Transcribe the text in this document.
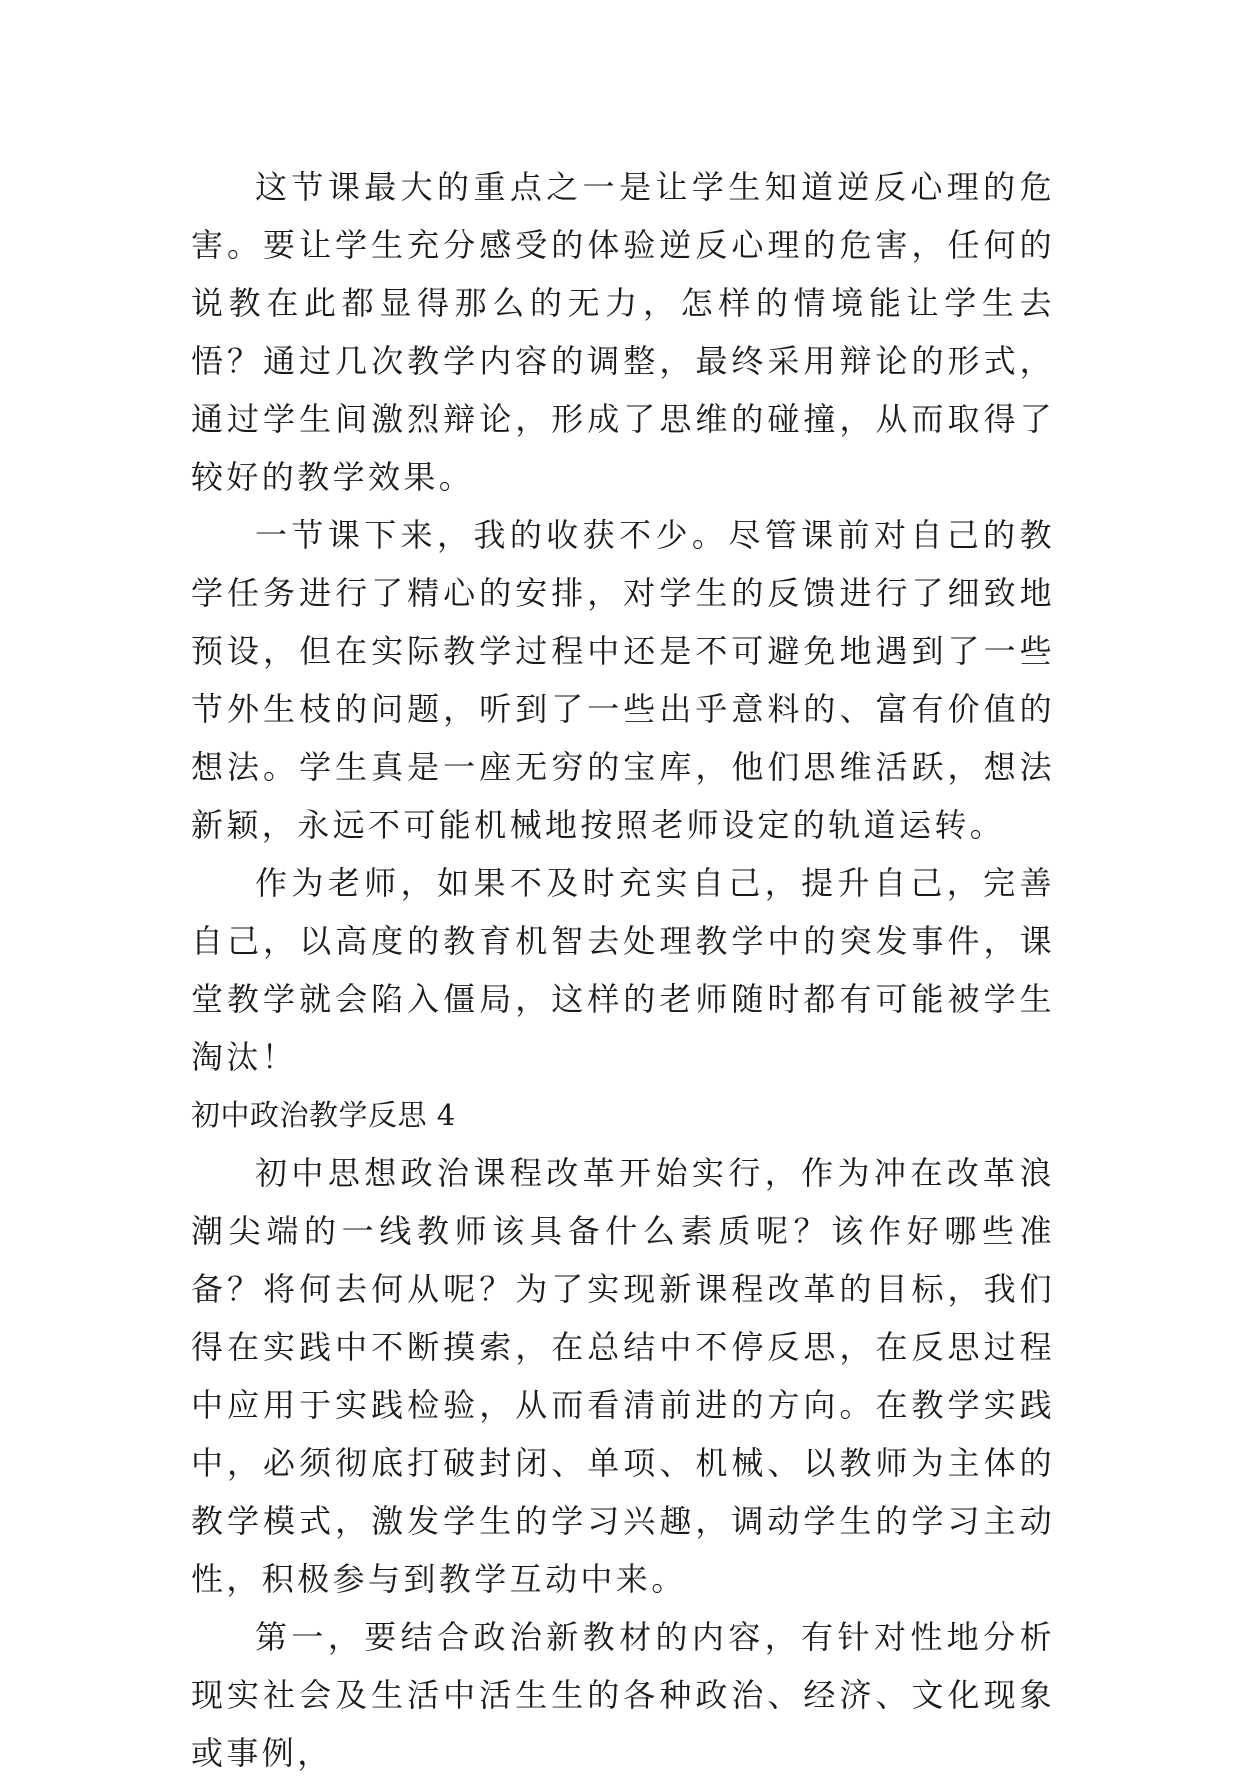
这节课最大的重点之一是让学生知道逆反心理的危害。要让学生充分感受的体验逆反心理的危害，任何的说教在此都显得那么的无力，怎样的情境能让学生去悟？通过几次教学内容的调整，最终采用辩论的形式，通过学生间激烈辩论，形成了思维的碰撞，从而取得了较好的教学效果。

一节课下来，我的收获不少。尽管课前对自己的教学任务进行了精心的安排，对学生的反馈进行了细致地预设，但在实际教学过程中还是不可避免地遇到了一些节外生枝的问题，听到了一些出乎意料的、富有价值的想法。学生真是一座无穷的宝库，他们思维活跃，想法新颖，永远不可能机械地按照老师设定的轨道运转。

作为老师，如果不及时充实自己，提升自己，完善自己，以高度的教育机智去处理教学中的突发事件，课堂教学就会陷入僵局，这样的老师随时都有可能被学生淘汰！

初中政治教学反思 4

初中思想政治课程改革开始实行，作为冲在改革浪潮尖端的一线教师该具备什么素质呢？该作好哪些准备？将何去何从呢？为了实现新课程改革的目标，我们得在实践中不断摸索，在总结中不停反思，在反思过程中应用于实践检验，从而看清前进的方向。在教学实践中，必须彻底打破封闭、单项、机械、以教师为主体的教学模式，激发学生的学习兴趣，调动学生的学习主动性，积极参与到教学互动中来。

第一，要结合政治新教材的内容，有针对性地分析现实社会及生活中活生生的各种政治、经济、文化现象或事例，
